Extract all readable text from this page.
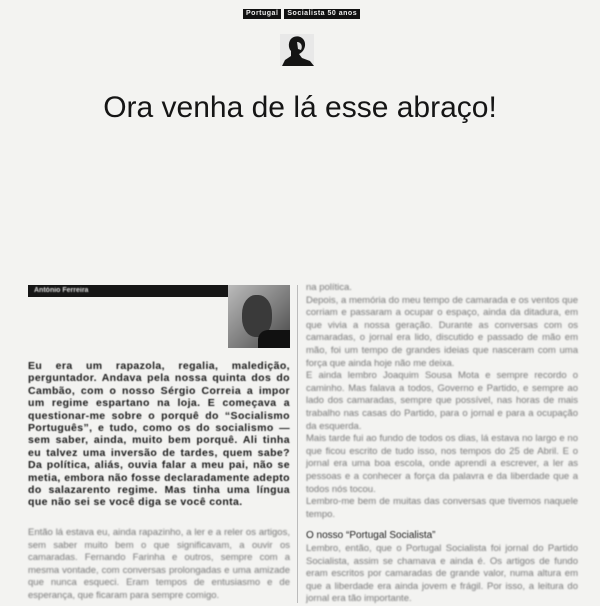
Portugal	Socialista 50 anos
Ora venha de lá esse abraço!
António Ferreira
Eu era um rapazola, regalia, maledição, perguntador. Andava pela nossa quinta dos do Cambão, com o nosso Sérgio Correia a impor um regime espartano na loja. E começava a questionar-me sobre o porquê do “Socialismo Português”, e tudo, como os do socialismo — sem saber, ainda, muito bem porquê. Ali tinha eu talvez uma inversão de tardes, quem sabe? Da política, aliás, ouvia falar a meu pai, não se metia, embora não fosse declaradamente adepto do salazarento regime. Mas tinha uma língua que não sei se você diga se você conta.
na política.
Depois, a memória do meu tempo de camarada e os ventos que corriam e passaram a ocupar o espaço, ainda da ditadura, em que vivia a nossa geração. Durante as conversas com os camaradas, o jornal era lido, discutido e passado de mão em mão, foi um tempo de grandes ideias que nasceram com uma força que ainda hoje não me deixa.
E ainda lembro Joaquim Sousa Mota e sempre recordo o caminho. Mas falava a todos, Governo e Partido, e sempre ao lado dos camaradas, sempre que possível, nas horas de mais trabalho nas casas do Partido, para o jornal e para a ocupação da esquerda.
Mais tarde fui ao fundo de todos os dias, lá estava no largo e no que ficou escrito de tudo isso, nos tempos do 25 de Abril. E o jornal era uma boa escola, onde aprendi a escrever, a ler as pessoas e a conhecer a força da palavra e da liberdade que a todos nós tocou.
Lembro-me bem de muitas das conversas que tivemos naquele tempo.
O nosso “Portugal Socialista”
Lembro, então, que o Portugal Socialista foi jornal do Partido Socialista, assim se chamava e ainda é. Os artigos de fundo eram escritos por camaradas de grande valor, numa altura em que a liberdade era ainda jovem e frágil. Por isso, a leitura do jornal era tão importante.
Então lá estava eu, ainda rapazinho, a ler e a reler os artigos, sem saber muito bem o que significavam, a ouvir os camaradas. Fernando Farinha e outros, sempre com a mesma vontade, com conversas prolongadas e uma amizade que nunca esqueci. Eram tempos de entusiasmo e de esperança, que ficaram para sempre comigo.
